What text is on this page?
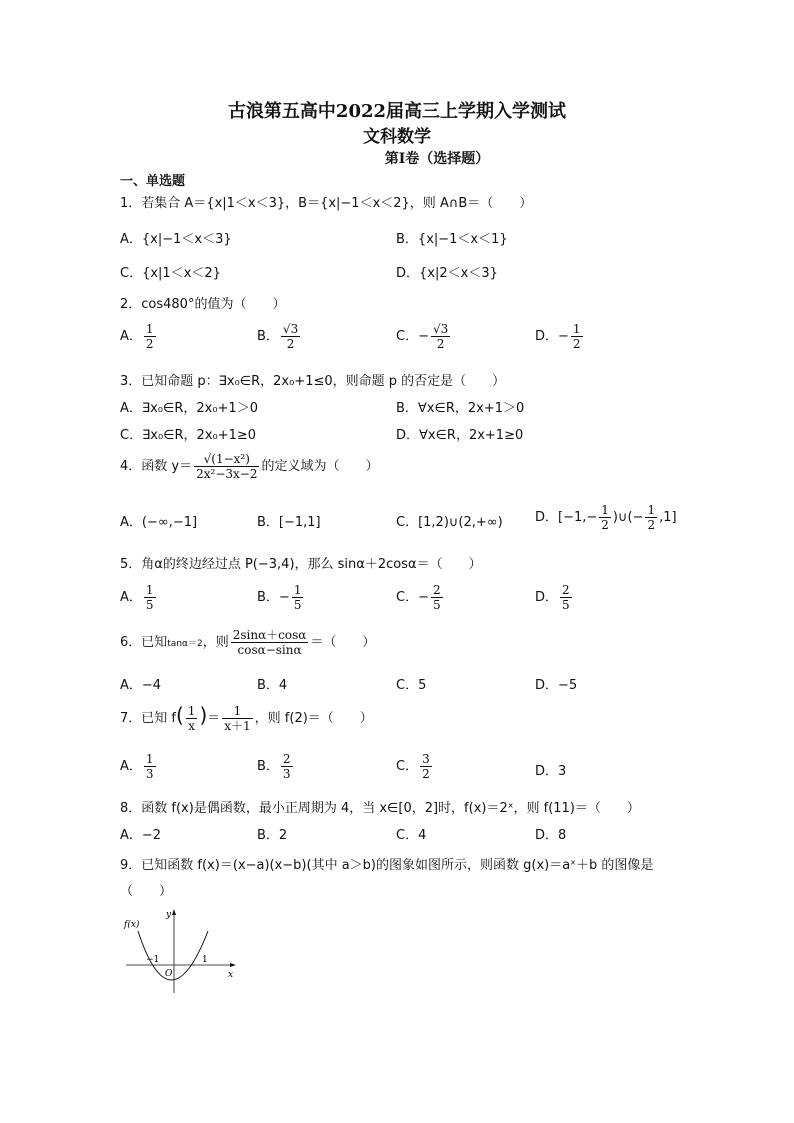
古浪第五高中2022届高三上学期入学测试
文科数学
第Ⅰ卷（选择题）
一、单选题
1．若集合 A＝{x|1＜x＜3}，B＝{x|−1＜x＜2}，则 A∩B＝（　　）
A．{x|−1＜x＜3}	B．{x|−1＜x＜1}
C．{x|1＜x＜2}	D．{x|2＜x＜3}
2．cos480°的值为（　　）
A． $\frac{1}{2}$	B． $\frac{√3}{2}$	C．− $\frac{√3}{2}$	D．− $\frac{1}{2}$
3．已知命题 p：∃x₀∈R，2x₀+1≤0，则命题 p 的否定是（　　）
A．∃x₀∈R，2x₀+1＞0	B．∀x∈R，2x+1＞0
C．∃x₀∈R，2x₀+1≥0	D．∀x∈R，2x+1≥0
4．函数 $y= \frac{\text{√(1−x²)}}{\text{2x²−3x−2}}$ 的定义域为（　　）
A．(−∞,−1]	B．[−1,1]	C．[1,2)∪(2,+∞) D．[$-1,- \frac{1}{2}$ )∪(− $\frac{1}{2} ,1$]
5．角α的终边经过点 P(−3,4)，那么 sinα＋2cosα＝（　　）
A． $\frac{1}{5}$	B．− $\frac{1}{5}$	C．− $\frac{2}{5}$	D． $\frac{2}{5}$
6．已知tanα＝2，则 $\frac{2\sin\alpha+\cos\alpha}{\cos\alpha-\sin\alpha}$ ＝（　　）
A．−4	B．4	C．5	D．−5
7．已知 $f( \frac{1}{x}$ )＝ $\frac{1}{x+1}$ ，则 f(2)＝（　　）
A． $\frac{1}{3}$	B． $\frac{2}{3}$	C． $\frac{3}{2}$	D．3
8．函数 f(x)是偶函数，最小正周期为 4，当 x∈[0，2]时，f(x)＝2ˣ，则 f(11)＝（　　）
A．−2	B．2	C．4	D．8
9．已知函数 f(x)＝(x−a)(x−b)(其中 a＞b)的图象如图所示，则函数 g(x)＝aˣ＋b 的图像是
（　　）
f(x)
y
x
−1
O
1
